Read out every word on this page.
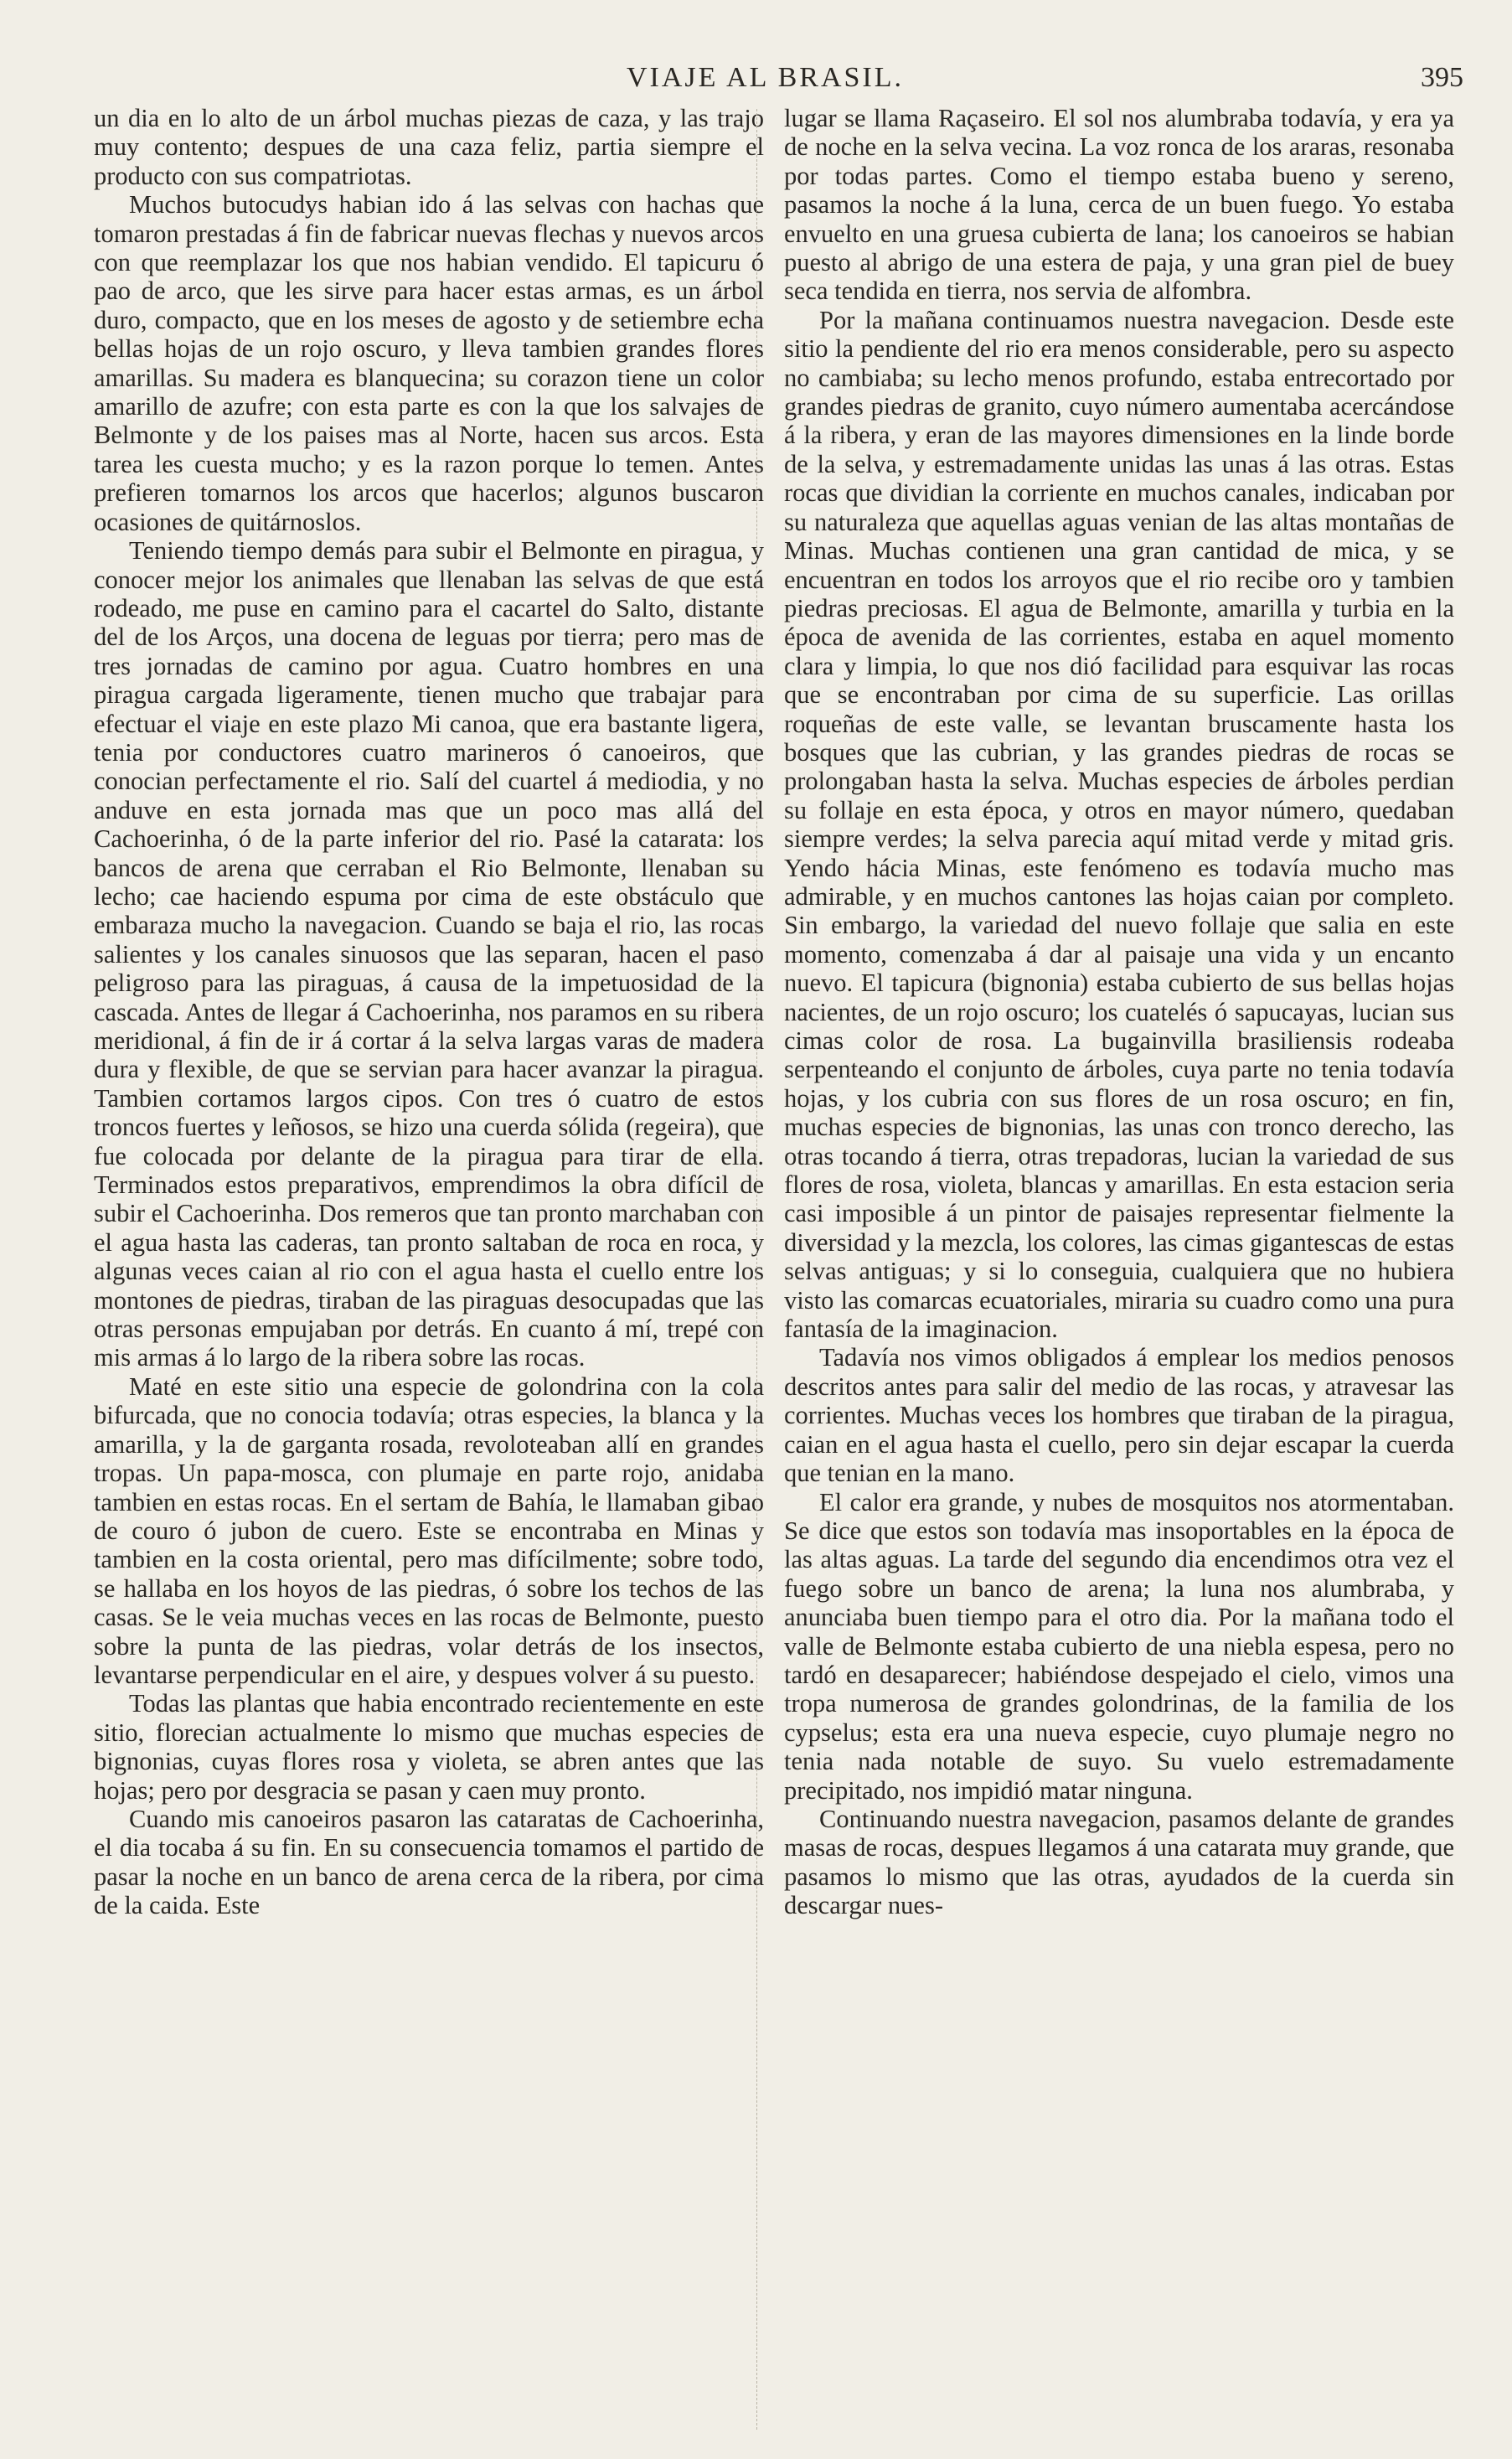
VIAJE AL BRASIL.	395

un dia en lo alto de un árbol muchas piezas de caza, y las trajo muy contento; despues de una caza feliz, partia siempre el producto con sus compatriotas.

Muchos butocudys habian ido á las selvas con hachas que tomaron prestadas á fin de fabricar nuevas flechas y nuevos arcos con que reemplazar los que nos habian vendido. El tapicuru ó pao de arco, que les sirve para hacer estas armas, es un árbol duro, compacto, que en los meses de agosto y de setiembre echa bellas hojas de un rojo oscuro, y lleva tambien grandes flores amarillas. Su madera es blanquecina; su corazon tiene un color amarillo de azufre; con esta parte es con la que los salvajes de Belmonte y de los paises mas al Norte, hacen sus arcos. Esta tarea les cuesta mucho; y es la razon porque lo temen. Antes prefieren tomarnos los arcos que hacerlos; algunos buscaron ocasiones de quitárnoslos.

Teniendo tiempo demás para subir el Belmonte en piragua, y conocer mejor los animales que llenaban las selvas de que está rodeado, me puse en camino para el cacartel do Salto, distante del de los Arços, una docena de leguas por tierra; pero mas de tres jornadas de camino por agua. Cuatro hombres en una piragua cargada ligeramente, tienen mucho que trabajar para efectuar el viaje en este plazo Mi canoa, que era bastante ligera, tenia por conductores cuatro marineros ó canoeiros, que conocian perfectamente el rio. Salí del cuartel á mediodia, y no anduve en esta jornada mas que un poco mas allá del Cachoerinha, ó de la parte inferior del rio. Pasé la catarata: los bancos de arena que cerraban el Rio Belmonte, llenaban su lecho; cae haciendo espuma por cima de este obstáculo que embaraza mucho la navegacion. Cuando se baja el rio, las rocas salientes y los canales sinuosos que las separan, hacen el paso peligroso para las piraguas, á causa de la impetuosidad de la cascada. Antes de llegar á Cachoerinha, nos paramos en su ribera meridional, á fin de ir á cortar á la selva largas varas de madera dura y flexible, de que se servian para hacer avanzar la piragua. Tambien cortamos largos cipos. Con tres ó cuatro de estos troncos fuertes y leñosos, se hizo una cuerda sólida (regeira), que fue colocada por delante de la piragua para tirar de ella. Terminados estos preparativos, emprendimos la obra difícil de subir el Cachoerinha. Dos remeros que tan pronto marchaban con el agua hasta las caderas, tan pronto saltaban de roca en roca, y algunas veces caian al rio con el agua hasta el cuello entre los montones de piedras, tiraban de las piraguas desocupadas que las otras personas empujaban por detrás. En cuanto á mí, trepé con mis armas á lo largo de la ribera sobre las rocas.

Maté en este sitio una especie de golondrina con la cola bifurcada, que no conocia todavía; otras especies, la blanca y la amarilla, y la de garganta rosada, revoloteaban allí en grandes tropas. Un papa-mosca, con plumaje en parte rojo, anidaba tambien en estas rocas. En el sertam de Bahía, le llamaban gibao de couro ó jubon de cuero. Este se encontraba en Minas y tambien en la costa oriental, pero mas difícilmente; sobre todo, se hallaba en los hoyos de las piedras, ó sobre los techos de las casas. Se le veia muchas veces en las rocas de Belmonte, puesto sobre la punta de las piedras, volar detrás de los insectos, levantarse perpendicular en el aire, y despues volver á su puesto.

Todas las plantas que habia encontrado recientemente en este sitio, florecian actualmente lo mismo que muchas especies de bignonias, cuyas flores rosa y violeta, se abren antes que las hojas; pero por desgracia se pasan y caen muy pronto.

Cuando mis canoeiros pasaron las cataratas de Cachoerinha, el dia tocaba á su fin. En su consecuencia tomamos el partido de pasar la noche en un banco de arena cerca de la ribera, por cima de la caida. Este

lugar se llama Raçaseiro. El sol nos alumbraba todavía, y era ya de noche en la selva vecina. La voz ronca de los araras, resonaba por todas partes. Como el tiempo estaba bueno y sereno, pasamos la noche á la luna, cerca de un buen fuego. Yo estaba envuelto en una gruesa cubierta de lana; los canoeiros se habian puesto al abrigo de una estera de paja, y una gran piel de buey seca tendida en tierra, nos servia de alfombra.

Por la mañana continuamos nuestra navegacion. Desde este sitio la pendiente del rio era menos considerable, pero su aspecto no cambiaba; su lecho menos profundo, estaba entrecortado por grandes piedras de granito, cuyo número aumentaba acercándose á la ribera, y eran de las mayores dimensiones en la linde borde de la selva, y estremadamente unidas las unas á las otras. Estas rocas que dividian la corriente en muchos canales, indicaban por su naturaleza que aquellas aguas venian de las altas montañas de Minas. Muchas contienen una gran cantidad de mica, y se encuentran en todos los arroyos que el rio recibe oro y tambien piedras preciosas. El agua de Belmonte, amarilla y turbia en la época de avenida de las corrientes, estaba en aquel momento clara y limpia, lo que nos dió facilidad para esquivar las rocas que se encontraban por cima de su superficie. Las orillas roqueñas de este valle, se levantan bruscamente hasta los bosques que las cubrian, y las grandes piedras de rocas se prolongaban hasta la selva. Muchas especies de árboles perdian su follaje en esta época, y otros en mayor número, quedaban siempre verdes; la selva parecia aquí mitad verde y mitad gris. Yendo hácia Minas, este fenómeno es todavía mucho mas admirable, y en muchos cantones las hojas caian por completo. Sin embargo, la variedad del nuevo follaje que salia en este momento, comenzaba á dar al paisaje una vida y un encanto nuevo. El tapicura (bignonia) estaba cubierto de sus bellas hojas nacientes, de un rojo oscuro; los cuatelés ó sapucayas, lucian sus cimas color de rosa. La bugainvilla brasiliensis rodeaba serpenteando el conjunto de árboles, cuya parte no tenia todavía hojas, y los cubria con sus flores de un rosa oscuro; en fin, muchas especies de bignonias, las unas con tronco derecho, las otras tocando á tierra, otras trepadoras, lucian la variedad de sus flores de rosa, violeta, blancas y amarillas. En esta estacion seria casi imposible á un pintor de paisajes representar fielmente la diversidad y la mezcla, los colores, las cimas gigantescas de estas selvas antiguas; y si lo conseguia, cualquiera que no hubiera visto las comarcas ecuatoriales, miraria su cuadro como una pura fantasía de la imaginacion.

Tadavía nos vimos obligados á emplear los medios penosos descritos antes para salir del medio de las rocas, y atravesar las corrientes. Muchas veces los hombres que tiraban de la piragua, caian en el agua hasta el cuello, pero sin dejar escapar la cuerda que tenian en la mano.

El calor era grande, y nubes de mosquitos nos atormentaban. Se dice que estos son todavía mas insoportables en la época de las altas aguas. La tarde del segundo dia encendimos otra vez el fuego sobre un banco de arena; la luna nos alumbraba, y anunciaba buen tiempo para el otro dia. Por la mañana todo el valle de Belmonte estaba cubierto de una niebla espesa, pero no tardó en desaparecer; habiéndose despejado el cielo, vimos una tropa numerosa de grandes golondrinas, de la familia de los cypselus; esta era una nueva especie, cuyo plumaje negro no tenia nada notable de suyo. Su vuelo estremadamente precipitado, nos impidió matar ninguna.

Continuando nuestra navegacion, pasamos delante de grandes masas de rocas, despues llegamos á una catarata muy grande, que pasamos lo mismo que las otras, ayudados de la cuerda sin descargar nues-
